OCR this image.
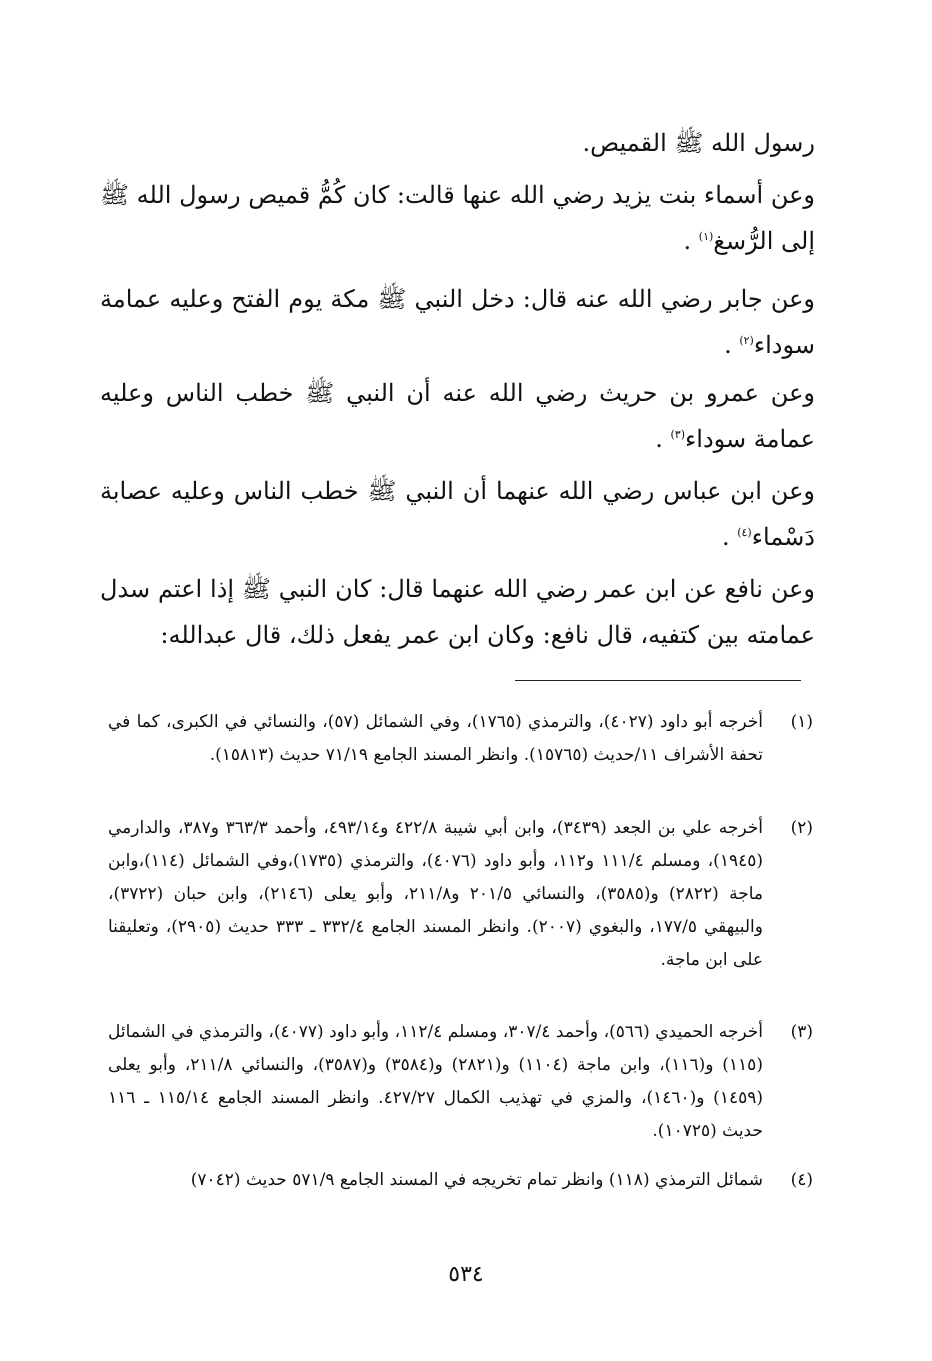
رسول الله ﷺ القميص.
وعن أسماء بنت يزيد رضي الله عنها قالت: كان كُمُّ قميص رسول الله ﷺ إلى الرُّسغ$^{(١)}$ .
وعن جابر رضي الله عنه قال: دخل النبي ﷺ مكة يوم الفتح وعليه عمامة سوداء$^{(٢)}$ .
وعن عمرو بن حريث رضي الله عنه أن النبي ﷺ خطب الناس وعليه عمامة سوداء$^{(٣)}$ .
وعن ابن عباس رضي الله عنهما أن النبي ﷺ خطب الناس وعليه عصابة دَسْماء$^{(٤)}$ .
وعن نافع عن ابن عمر رضي الله عنهما قال: كان النبي ﷺ إذا اعتم سدل عمامته بين كتفيه، قال نافع: وكان ابن عمر يفعل ذلك، قال عبدالله:
(١)
أخرجه أبو داود (٤٠٢٧)، والترمذي (١٧٦٥)، وفي الشمائل (٥٧)، والنسائي في الكبرى، كما في تحفة الأشراف ١١/حديث (١٥٧٦٥). وانظر المسند الجامع ٧١/١٩ حديث (١٥٨١٣).
(٢)
أخرجه علي بن الجعد (٣٤٣٩)، وابن أبي شيبة ٤٢٢/٨ و٤٩٣/١٤، وأحمد ٣٦٣/٣ و٣٨٧، والدارمي (١٩٤٥)، ومسلم ١١١/٤ و١١٢، وأبو داود (٤٠٧٦)، والترمذي (١٧٣٥)،وفي الشمائل (١١٤)،وابن ماجة (٢٨٢٢) و(٣٥٨٥)، والنسائي ٢٠١/٥ و٢١١/٨، وأبو يعلى (٢١٤٦)، وابن حبان (٣٧٢٢)، والبيهقي ١٧٧/٥، والبغوي (٢٠٠٧). وانظر المسند الجامع ٣٣٢/٤ ـ ٣٣٣ حديث (٢٩٠٥)، وتعليقنا على ابن ماجة.
(٣)
أخرجه الحميدي (٥٦٦)، وأحمد ٣٠٧/٤، ومسلم ١١٢/٤، وأبو داود (٤٠٧٧)، والترمذي في الشمائل (١١٥) و(١١٦)، وابن ماجة (١١٠٤) و(٢٨٢١) و(٣٥٨٤) و(٣٥٨٧)، والنسائي ٢١١/٨، وأبو يعلى (١٤٥٩) و(١٤٦٠)، والمزي في تهذيب الكمال ٤٢٧/٢٧. وانظر المسند الجامع ١١٥/١٤ ـ ١١٦ حديث (١٠٧٢٥).
(٤)
شمائل الترمذي (١١٨) وانظر تمام تخريجه في المسند الجامع ٥٧١/٩ حديث (٧٠٤٢)
٥٣٤
